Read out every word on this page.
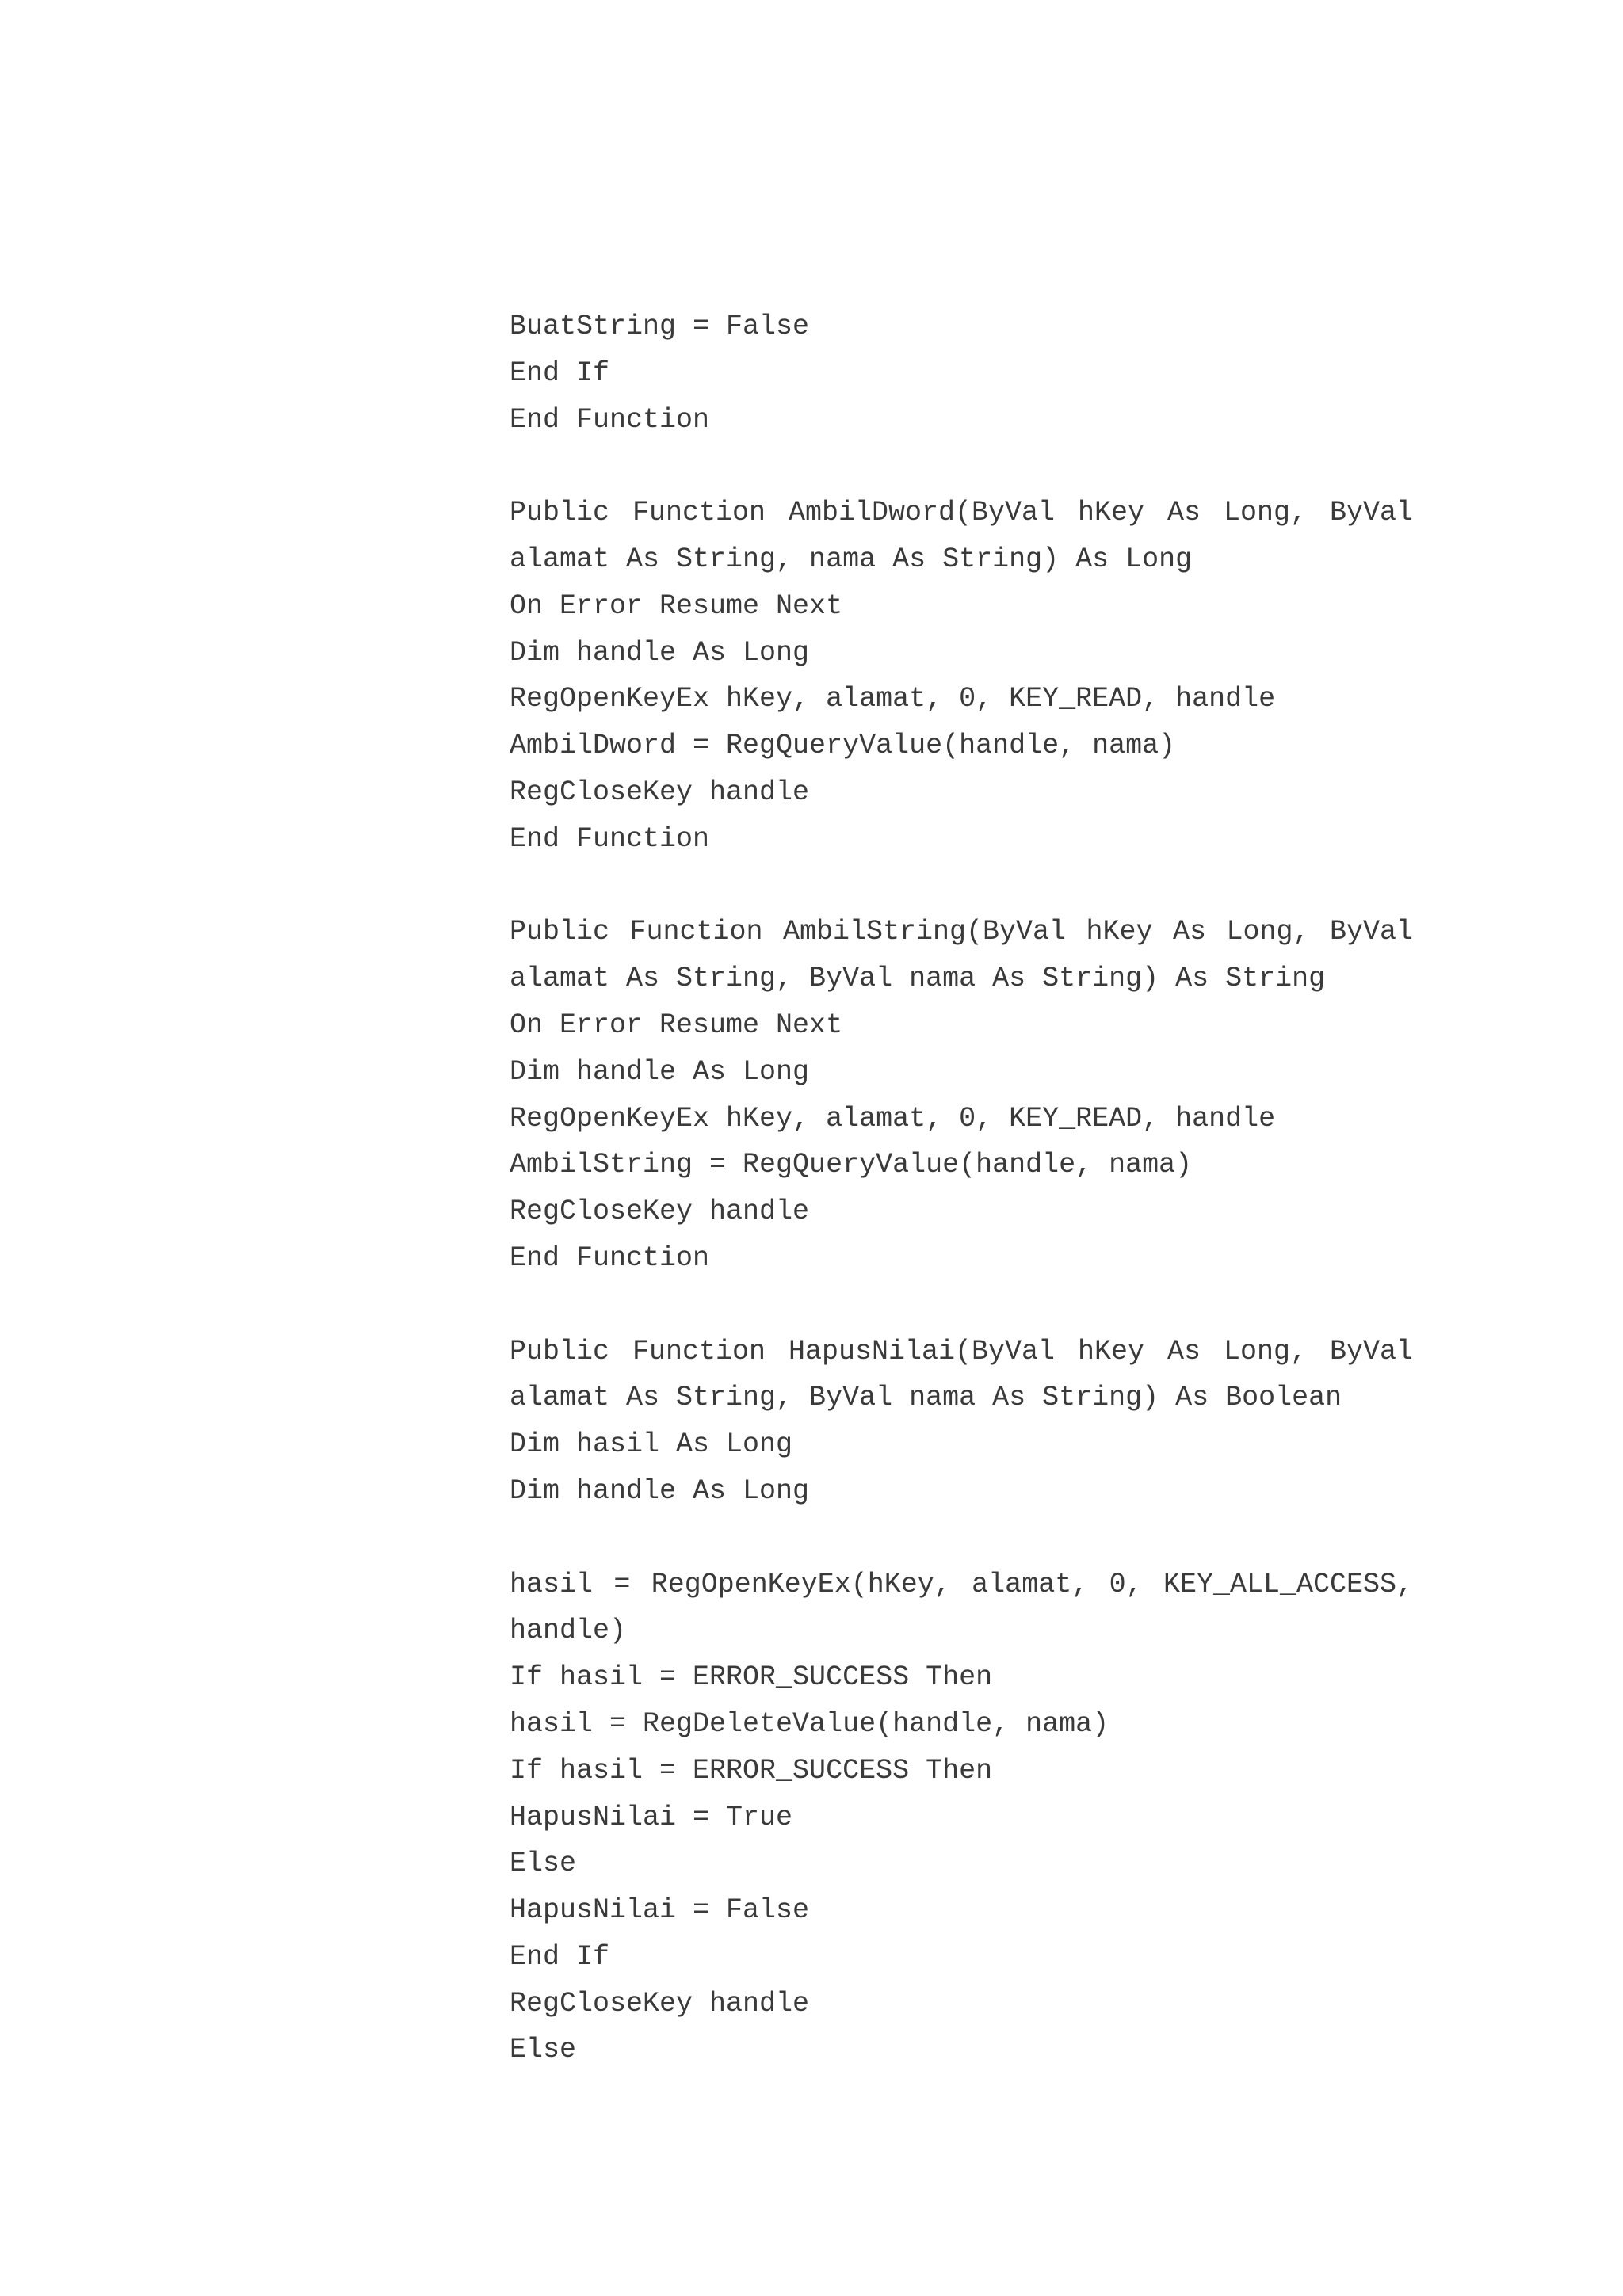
BuatString = False
End If
End Function
Public Function AmbilDword(ByVal hKey As Long, ByVal
alamat As String, nama As String) As Long
On Error Resume Next
Dim handle As Long
RegOpenKeyEx hKey, alamat, 0, KEY_READ, handle
AmbilDword = RegQueryValue(handle, nama)
RegCloseKey handle
End Function
Public Function AmbilString(ByVal hKey As Long, ByVal
alamat As String, ByVal nama As String) As String
On Error Resume Next
Dim handle As Long
RegOpenKeyEx hKey, alamat, 0, KEY_READ, handle
AmbilString = RegQueryValue(handle, nama)
RegCloseKey handle
End Function
Public Function HapusNilai(ByVal hKey As Long, ByVal
alamat As String, ByVal nama As String) As Boolean
Dim hasil As Long
Dim handle As Long
hasil = RegOpenKeyEx(hKey, alamat, 0, KEY_ALL_ACCESS,
handle)
If hasil = ERROR_SUCCESS Then
hasil = RegDeleteValue(handle, nama)
If hasil = ERROR_SUCCESS Then
HapusNilai = True
Else
HapusNilai = False
End If
RegCloseKey handle
Else
